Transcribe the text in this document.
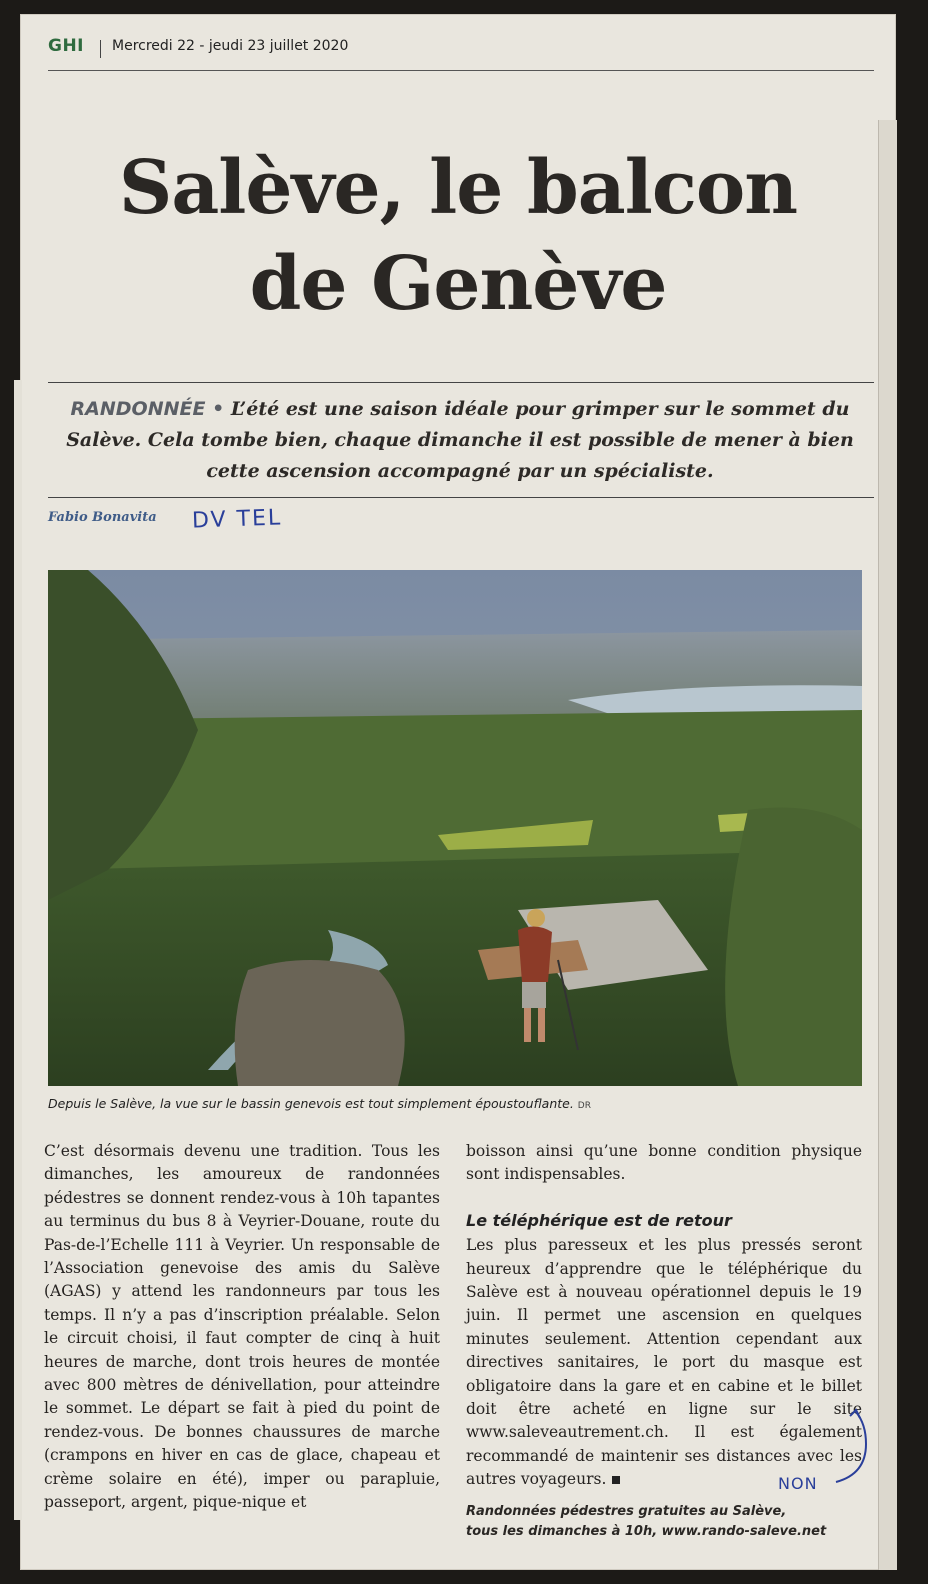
GHI Mercredi 22 - jeudi 23 juillet 2020
Salève, le balcon
de Genève
RANDONNÉE • L’été est une saison idéale pour grimper sur le sommet du Salève. Cela tombe bien, chaque dimanche il est possible de mener à bien cette ascension accompagné par un spécialiste.
Fabio Bonavita DV TEL
Depuis le Salève, la vue sur le bassin genevois est tout simplement époustouflante. DR

C’est désormais devenu une tradition. Tous les dimanches, les amoureux de randonnées pédestres se donnent rendez-vous à 10h tapantes au terminus du bus 8 à Veyrier-Douane, route du Pas-de-l’Echelle 111 à Veyrier. Un responsable de l’Association genevoise des amis du Salève (AGAS) y attend les randonneurs par tous les temps. Il n’y a pas d’inscription préalable. Selon le circuit choisi, il faut compter de cinq à huit heures de marche, dont trois heures de montée avec 800 mètres de dénivellation, pour atteindre le sommet. Le départ se fait à pied du point de rendez-vous. De bonnes chaussures de marche (crampons en hiver en cas de glace, chapeau et crème solaire en été), imper ou parapluie, passeport, argent, pique-nique et

boisson ainsi qu’une bonne condition physique sont indispensables.

Le téléphérique est de retour

Les plus paresseux et les plus pressés seront heureux d’apprendre que le téléphérique du Salève est à nouveau opérationnel depuis le 19 juin. Il permet une ascension en quelques minutes seulement. Attention cependant aux directives sanitaires, le port du masque est obligatoire dans la gare et en cabine et le billet doit être acheté en ligne sur le site www.saleveautrement.ch. Il est également recommandé de maintenir ses distances avec les autres voyageurs.

Randonnées pédestres gratuites au Salève,
tous les dimanches à 10h, www.rando-saleve.net
NON
